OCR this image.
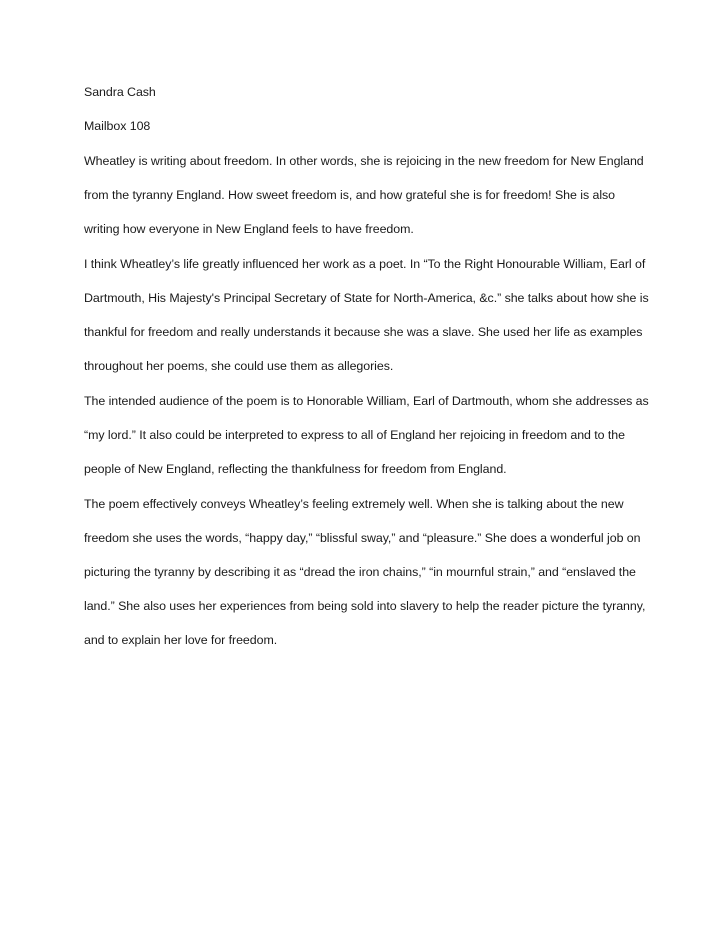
Sandra Cash

Mailbox 108

Wheatley is writing about freedom. In other words, she is rejoicing in the new freedom for New England

from the tyranny England. How sweet freedom is, and how grateful she is for freedom! She is also

writing how everyone in New England feels to have freedom.

I think Wheatley’s life greatly influenced her work as a poet. In “To the Right Honourable William, Earl of

Dartmouth, His Majesty's Principal Secretary of State for North-America, &c.” she talks about how she is

thankful for freedom and really understands it because she was a slave. She used her life as examples

throughout her poems, she could use them as allegories.

The intended audience of the poem is to Honorable William, Earl of Dartmouth, whom she addresses as

“my lord.” It also could be interpreted to express to all of England her rejoicing in freedom and to the

people of New England, reflecting the thankfulness for freedom from England.

The poem effectively conveys Wheatley’s feeling extremely well. When she is talking about the new

freedom she uses the words, “happy day,” “blissful sway,” and “pleasure.” She does a wonderful job on

picturing the tyranny by describing it as “dread the iron chains,” “in mournful strain,” and “enslaved the

land.” She also uses her experiences from being sold into slavery to help the reader picture the tyranny,

and to explain her love for freedom.
